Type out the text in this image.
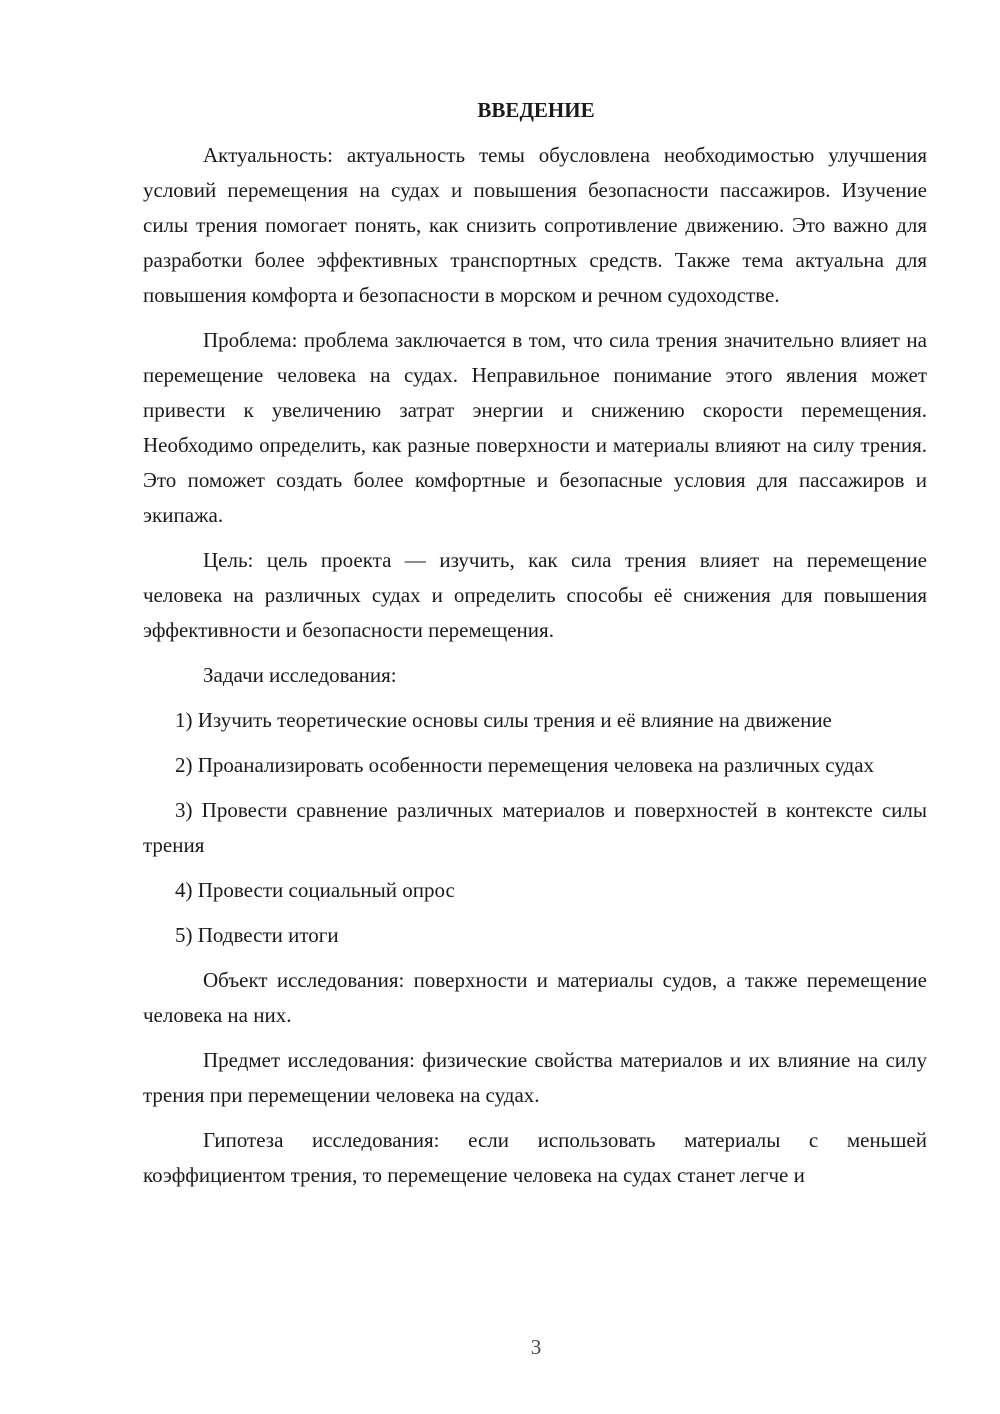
ВВЕДЕНИЕ

Актуальность: актуальность темы обусловлена необходимостью улучшения условий перемещения на судах и повышения безопасности пассажиров. Изучение силы трения помогает понять, как снизить сопротивление движению. Это важно для разработки более эффективных транспортных средств. Также тема актуальна для повышения комфорта и безопасности в морском и речном судоходстве.

Проблема: проблема заключается в том, что сила трения значительно влияет на перемещение человека на судах. Неправильное понимание этого явления может привести к увеличению затрат энергии и снижению скорости перемещения. Необходимо определить, как разные поверхности и материалы влияют на силу трения. Это поможет создать более комфортные и безопасные условия для пассажиров и экипажа.

Цель: цель проекта — изучить, как сила трения влияет на перемещение человека на различных судах и определить способы её снижения для повышения эффективности и безопасности перемещения.

Задачи исследования:

1) Изучить теоретические основы силы трения и её влияние на движение

2) Проанализировать особенности перемещения человека на различных судах

3) Провести сравнение различных материалов и поверхностей в контексте силы трения

4) Провести социальный опрос

5) Подвести итоги

Объект исследования: поверхности и материалы судов, а также перемещение человека на них.

Предмет исследования: физические свойства материалов и их влияние на силу трения при перемещении человека на судах.

Гипотеза исследования: если использовать материалы с меньшей коэффициентом трения, то перемещение человека на судах станет легче и

3
